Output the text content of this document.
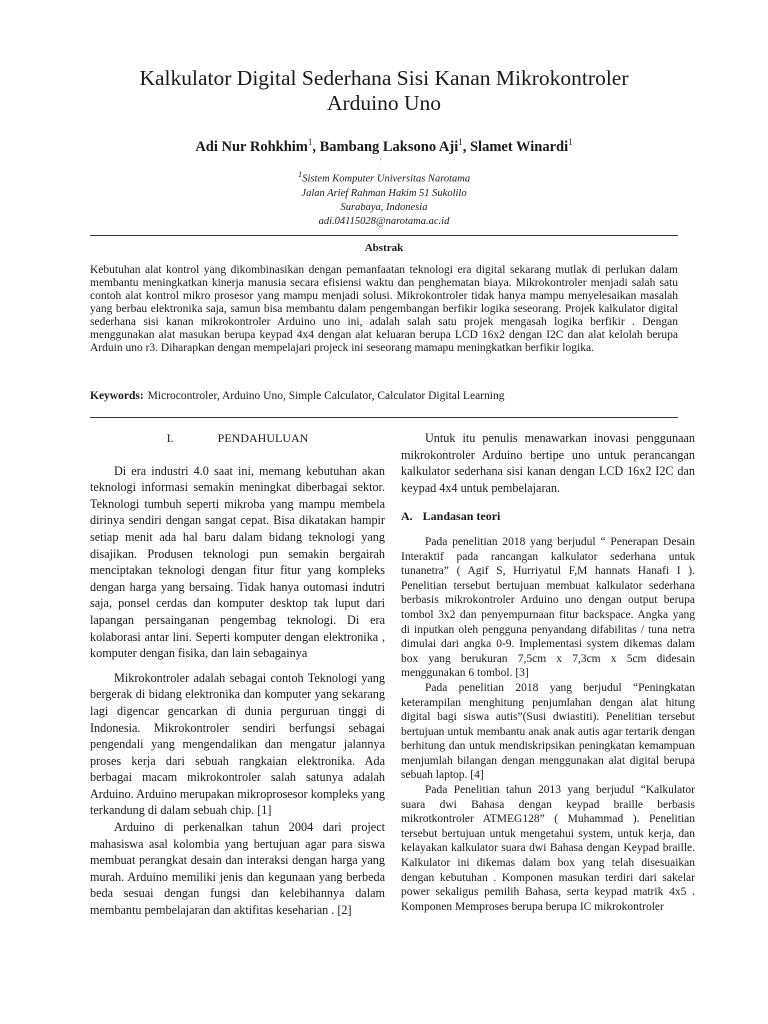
Kalkulator Digital Sederhana Sisi Kanan Mikrokontroler
Arduino Uno
Adi Nur Rohkhim$^1$, Bambang Laksono Aji$^1$, Slamet Winardi$^1$
'
$^1$Sistem Komputer Universitas Narotama
Jalan Arief Rahman Hakim 51 Sukolilo
Surabaya, Indonesia
adi.04115028@narotama.ac.id
Abstrak

Kebutuhan alat kontrol yang dikombinasikan dengan pemanfaatan teknologi era digital sekarang mutlak di perlukan dalam membantu meningkatkan kinerja manusia secara efisiensi waktu dan penghematan biaya. Mikrokontroler menjadi salah satu contoh alat kontrol mikro prosesor yang mampu menjadi solusi. Mikrokontroler tidak hanya mampu menyelesaikan masalah yang berbau elektronika saja, samun bisa membantu dalam pengembangan berfikir logika seseorang. Projek kalkulator digital sederhana sisi kanan mikrokontroler Arduino uno ini, adalah salah satu projek mengasah logika berfikir . Dengan menggunakan alat masukan berupa keypad 4x4 dengan alat keluaran berupa LCD 16x2 dengan I2C dan alat kelolah berupa Arduin uno r3. Diharapkan dengan mempelajari projeck ini seseorang mamapu meningkatkan berfikir logika.

Keywords: Microcontroler, Arduino Uno, Simple Calculator, Calculator Digital Learning
I.	PENDAHULUAN

Di era industri 4.0 saat ini, memang kebutuhan akan teknologi informasi semakin meningkat diberbagai sektor. Teknologi tumbuh seperti mikroba yang mampu membela dirinya sendiri dengan sangat cepat. Bisa dikatakan hampir setiap menit ada hal baru dalam bidang teknologi yang disajikan. Produsen teknologi pun semakin bergairah menciptakan teknologi dengan fitur fitur yang kompleks dengan harga yang bersaing. Tidak hanya outomasi indutri saja, ponsel cerdas dan komputer desktop tak luput dari lapangan persainganan pengembag teknologi. Di era kolaborasi antar lini. Seperti komputer dengan elektronika , komputer dengan fisika, dan lain sebagainya

Mikrokontroler adalah sebagai contoh Teknologi yang bergerak di bidang elektronika dan komputer yang sekarang lagi digencar gencarkan di dunia perguruan tinggi di Indonesia. Mikrokontroler sendiri berfungsi sebagai pengendali yang mengendalikan dan mengatur jalannya proses kerja dari sebuah rangkaian elektronika. Ada berbagai macam mikrokontroler salah satunya adalah Arduino. Arduino merupakan mikroprosesor kompleks yang terkandung di dalam sebuah chip. [1]

Arduino di perkenalkan tahun 2004 dari project mahasiswa asal kolombia yang bertujuan agar para siswa membuat perangkat desain dan interaksi dengan harga yang murah. Arduino memiliki jenis dan kegunaan yang berbeda beda sesuai dengan fungsi dan kelebihannya dalam membantu pembelajaran dan aktifitas keseharian . [2]

Untuk itu penulis menawarkan inovasi penggunaan mikrokontroler Arduino bertipe uno untuk perancangan kalkulator sederhana sisi kanan dengan LCD 16x2 I2C dan keypad 4x4 untuk pembelajaran.

A. Landasan teori

Pada penelitian 2018 yang berjudul “ Penerapan Desain Interaktif pada rancangan kalkulator sederhana untuk tunanetra” ( Agif S, Hurriyatul F,M hannats Hanafi I ). Penelitian tersebut bertujuan membuat kalkulator sederhana berbasis mikrokontroler Arduino uno dengan output berupa tombol 3x2 dan penyempurnaan fitur backspace. Angka yang di inputkan oleh pengguna penyandang difabilitas / tuna netra dimulai dari angka 0-9. Implementasi system dikemas dalam box yang berukuran 7,5cm x 7,3cm x 5cm didesain menggunakan 6 tombol. [3]

Pada penelitian 2018 yang berjudul “Peningkatan keterampilan menghitung penjumlahan dengan alat hitung digital bagi siswa autis”(Susi dwiastiti). Penelitian tersebut bertujuan untuk membantu anak anak autis agar tertarik dengan berhitung dan untuk mendiskripsikan peningkatan kemampuan menjumlah bilangan dengan menggunakan alat digital berupa sebuah laptop. [4]

Pada Penelitian tahun 2013 yang berjudul “Kalkulator suara dwi Bahasa dengan keypad braille berbasis mikrotkontroler ATMEG128” ( Muhammad ). Penelitian tersebut bertujuan untuk mengetahui system, untuk kerja, dan kelayakan kalkulator suara dwi Bahasa dengan Keypad braille. Kalkulator ini dikemas dalam box yang telah disesuaikan dengan kebutuhan . Komponen masukan terdiri dari sakelar power sekaligus pemilih Bahasa, serta keypad matrik 4x5 . Komponen Memproses berupa berupa IC mikrokontroler
